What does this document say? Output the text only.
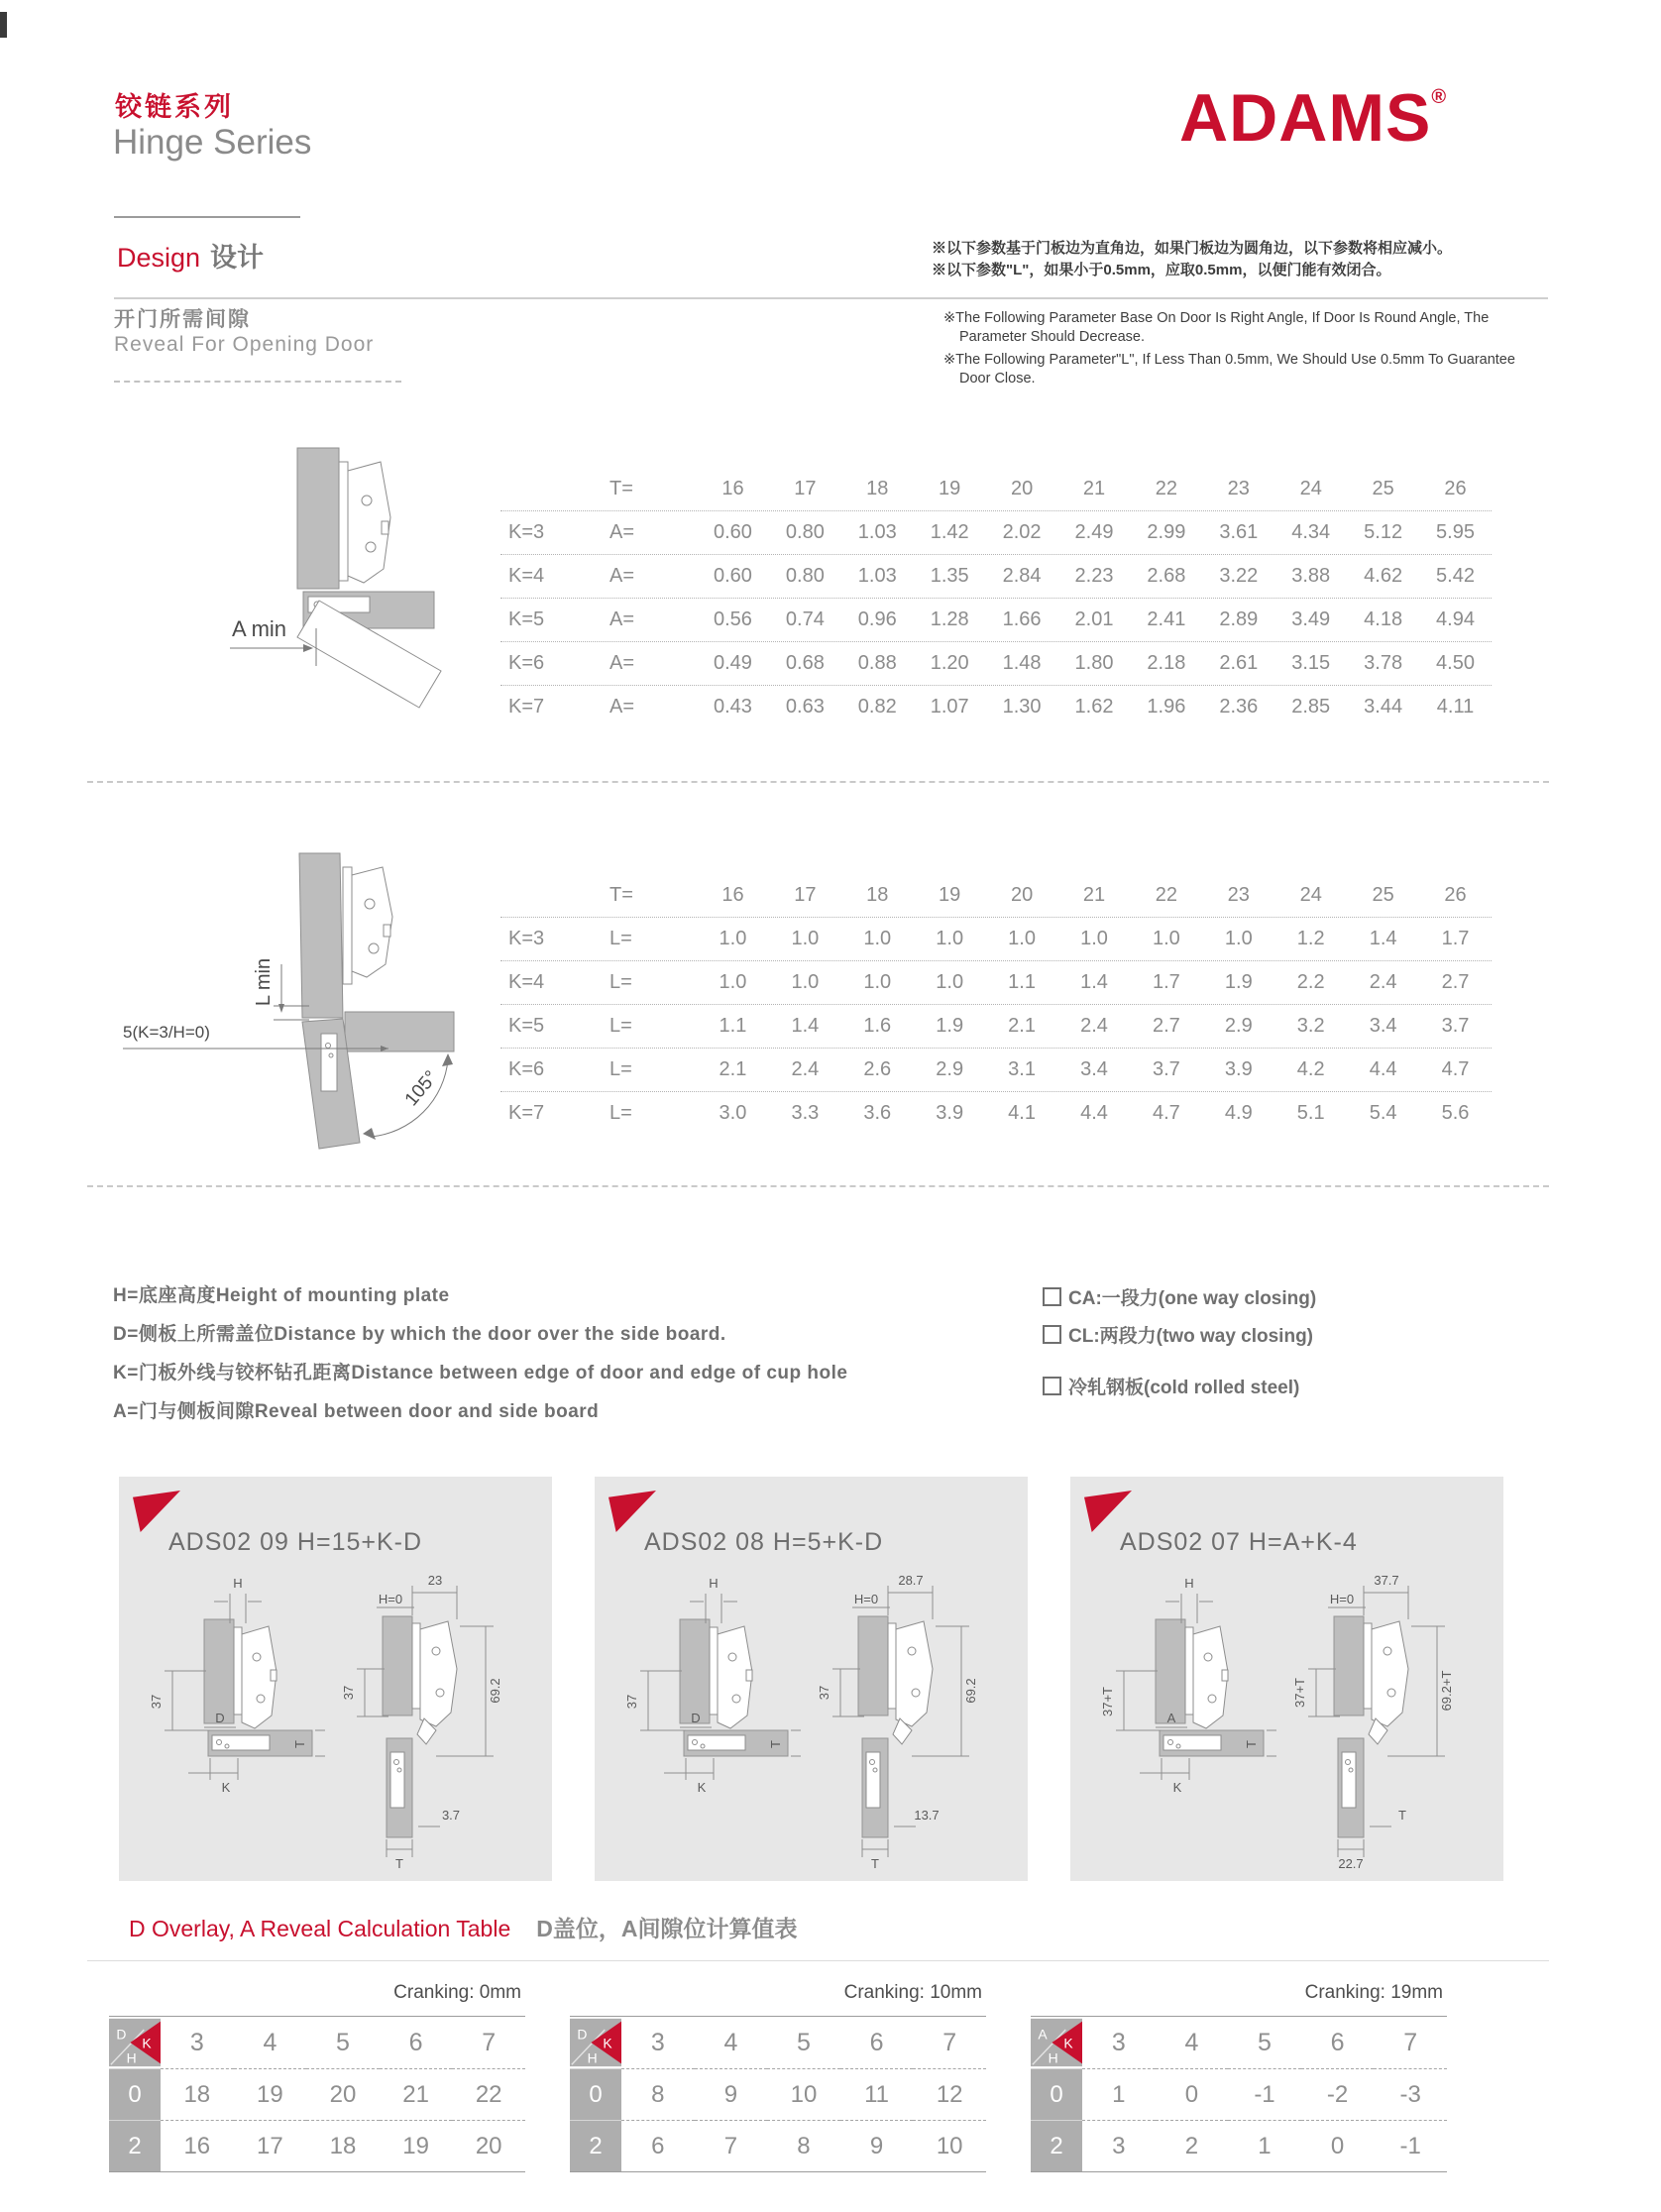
铰链系列
Hinge Series
Design 设计
ADAMS®
※以下参数基于门板边为直角边，如果门板边为圆角边，以下参数将相应减小。
※以下参数"L"，如果小于0.5mm，应取0.5mm，以便门能有效闭合。
※The Following Parameter Base On Door Is Right Angle, If Door Is Round Angle, The Parameter Should Decrease.
※The Following Parameter"L", If Less Than 0.5mm, We Should Use 0.5mm To Guarantee Door Close.
开门所需间隙
Reveal For Opening Door
A min
T=	16	17	18	19	20	21	22	23	24	25	26
K=3	A=	0.60	0.80	1.03	1.42	2.02	2.49	2.99	3.61	4.34	5.12	5.95
K=4	A=	0.60	0.80	1.03	1.35	2.84	2.23	2.68	3.22	3.88	4.62	5.42
K=5	A=	0.56	0.74	0.96	1.28	1.66	2.01	2.41	2.89	3.49	4.18	4.94
K=6	A=	0.49	0.68	0.88	1.20	1.48	1.80	2.18	2.61	3.15	3.78	4.50
K=7	A=	0.43	0.63	0.82	1.07	1.30	1.62	1.96	2.36	2.85	3.44	4.11
L min
5(K=3/H=0)
105°
T=	16	17	18	19	20	21	22	23	24	25	26
K=3	L=	1.0	1.0	1.0	1.0	1.0	1.0	1.0	1.0	1.2	1.4	1.7
K=4	L=	1.0	1.0	1.0	1.0	1.1	1.4	1.7	1.9	2.2	2.4	2.7
K=5	L=	1.1	1.4	1.6	1.9	2.1	2.4	2.7	2.9	3.2	3.4	3.7
K=6	L=	2.1	2.4	2.6	2.9	3.1	3.4	3.7	3.9	4.2	4.4	4.7
K=7	L=	3.0	3.3	3.6	3.9	4.1	4.4	4.7	4.9	5.1	5.4	5.6
H=底座高度Height of mounting plate
D=侧板上所需盖位Distance by which the door over the side board.
K=门板外线与铰杯钻孔距离Distance between edge of door and edge of cup hole
A=门与侧板间隙Reveal between door and side board
CA:一段力(one way closing)
CL:两段力(two way closing)
冷轧钢板(cold rolled steel)
ADS02 09 H=15+K-D
H
37
D
T
K
H=0
23
37	69.2
3.7
T
ADS02 08 H=5+K-D
H
37
D
T
K
H=0
28.7
37	69.2
13.7
T
ADS02 07 H=A+K-4
H
37+T
A
T
K
H=0
37.7
37+T	69.2+T
T
22.7
D Overlay, A Reveal Calculation Table D盖位，A间隙位计算值表
Cranking: 0mm
D
H
K	3	4	5	6	7
0	18	19	20	21	22
2	16	17	18	19	20
Cranking: 10mm
D
H
K	3	4	5	6	7
0	8	9	10	11	12
2	6	7	8	9	10
Cranking: 19mm
A
H
K	3	4	5	6	7
0	1	0	-1	-2	-3
2	3	2	1	0	-1
